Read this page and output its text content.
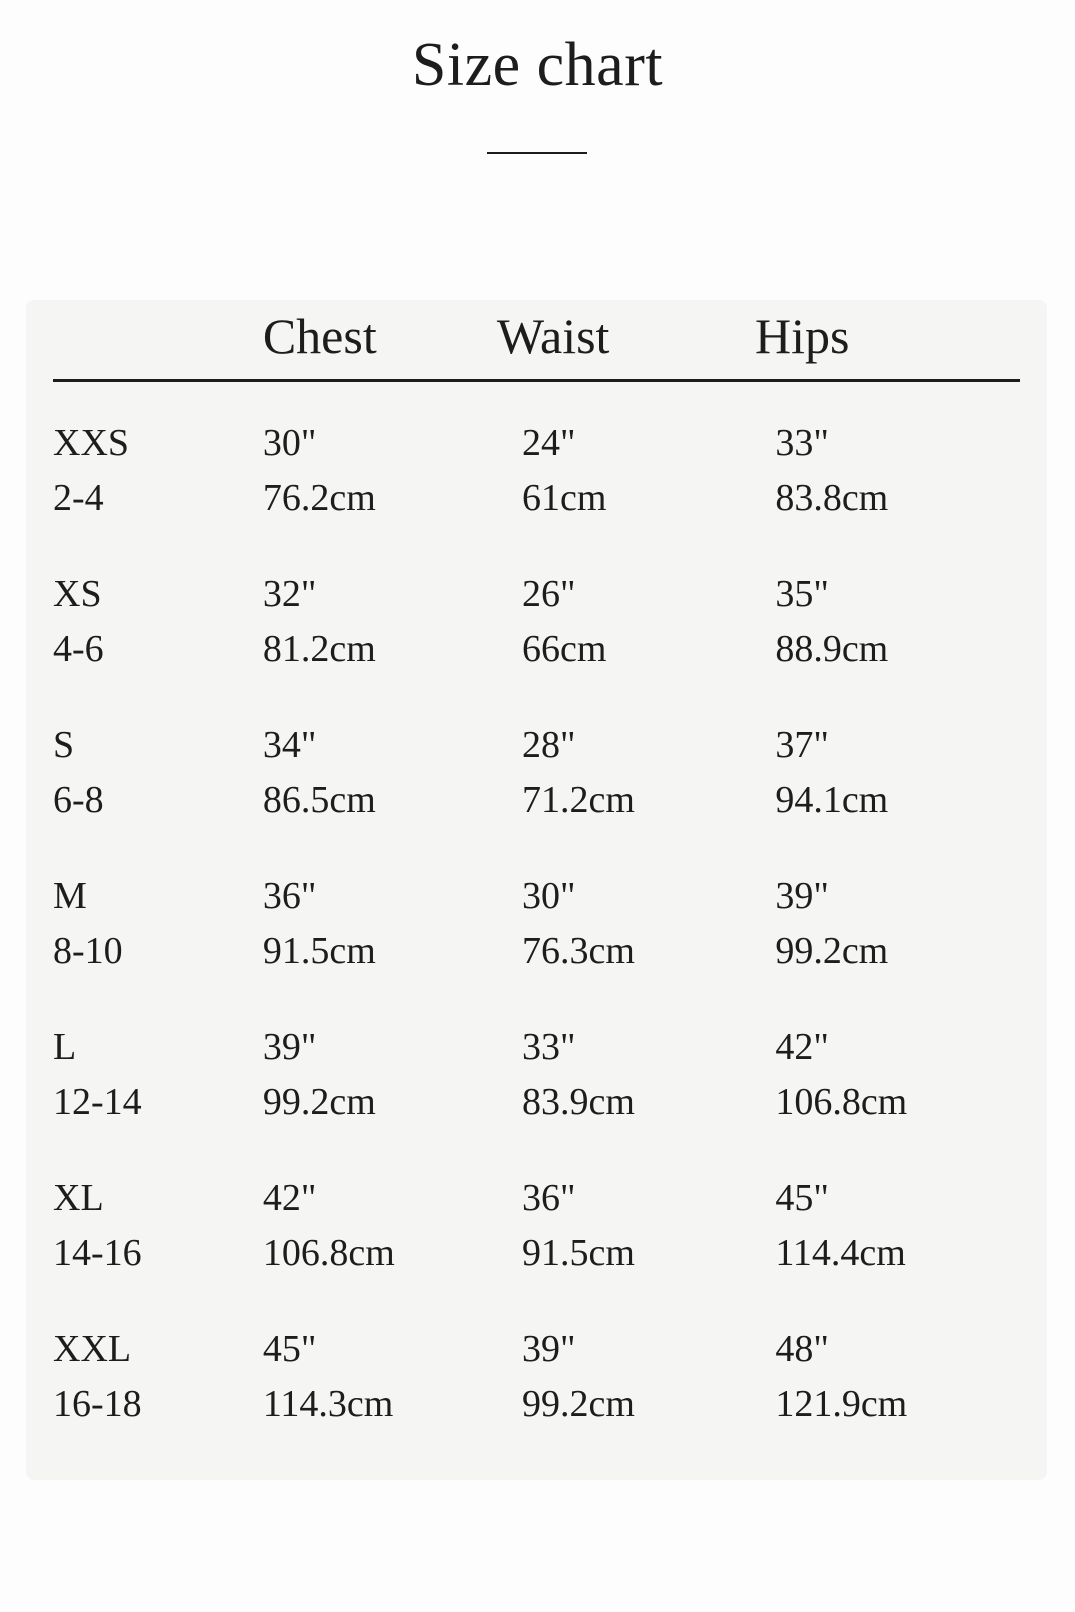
Size chart
Chest	Waist	Hips
XXS
2-4
30"
76.2cm
24"
61cm
33"
83.8cm
XS
4-6
32"
81.2cm
26"
66cm
35"
88.9cm
S
6-8
34"
86.5cm
28"
71.2cm
37"
94.1cm
M
8-10
36"
91.5cm
30"
76.3cm
39"
99.2cm
L
12-14
39"
99.2cm
33"
83.9cm
42"
106.8cm
XL
14-16
42"
106.8cm
36"
91.5cm
45"
114.4cm
XXL
16-18
45"
114.3cm
39"
99.2cm
48"
121.9cm
